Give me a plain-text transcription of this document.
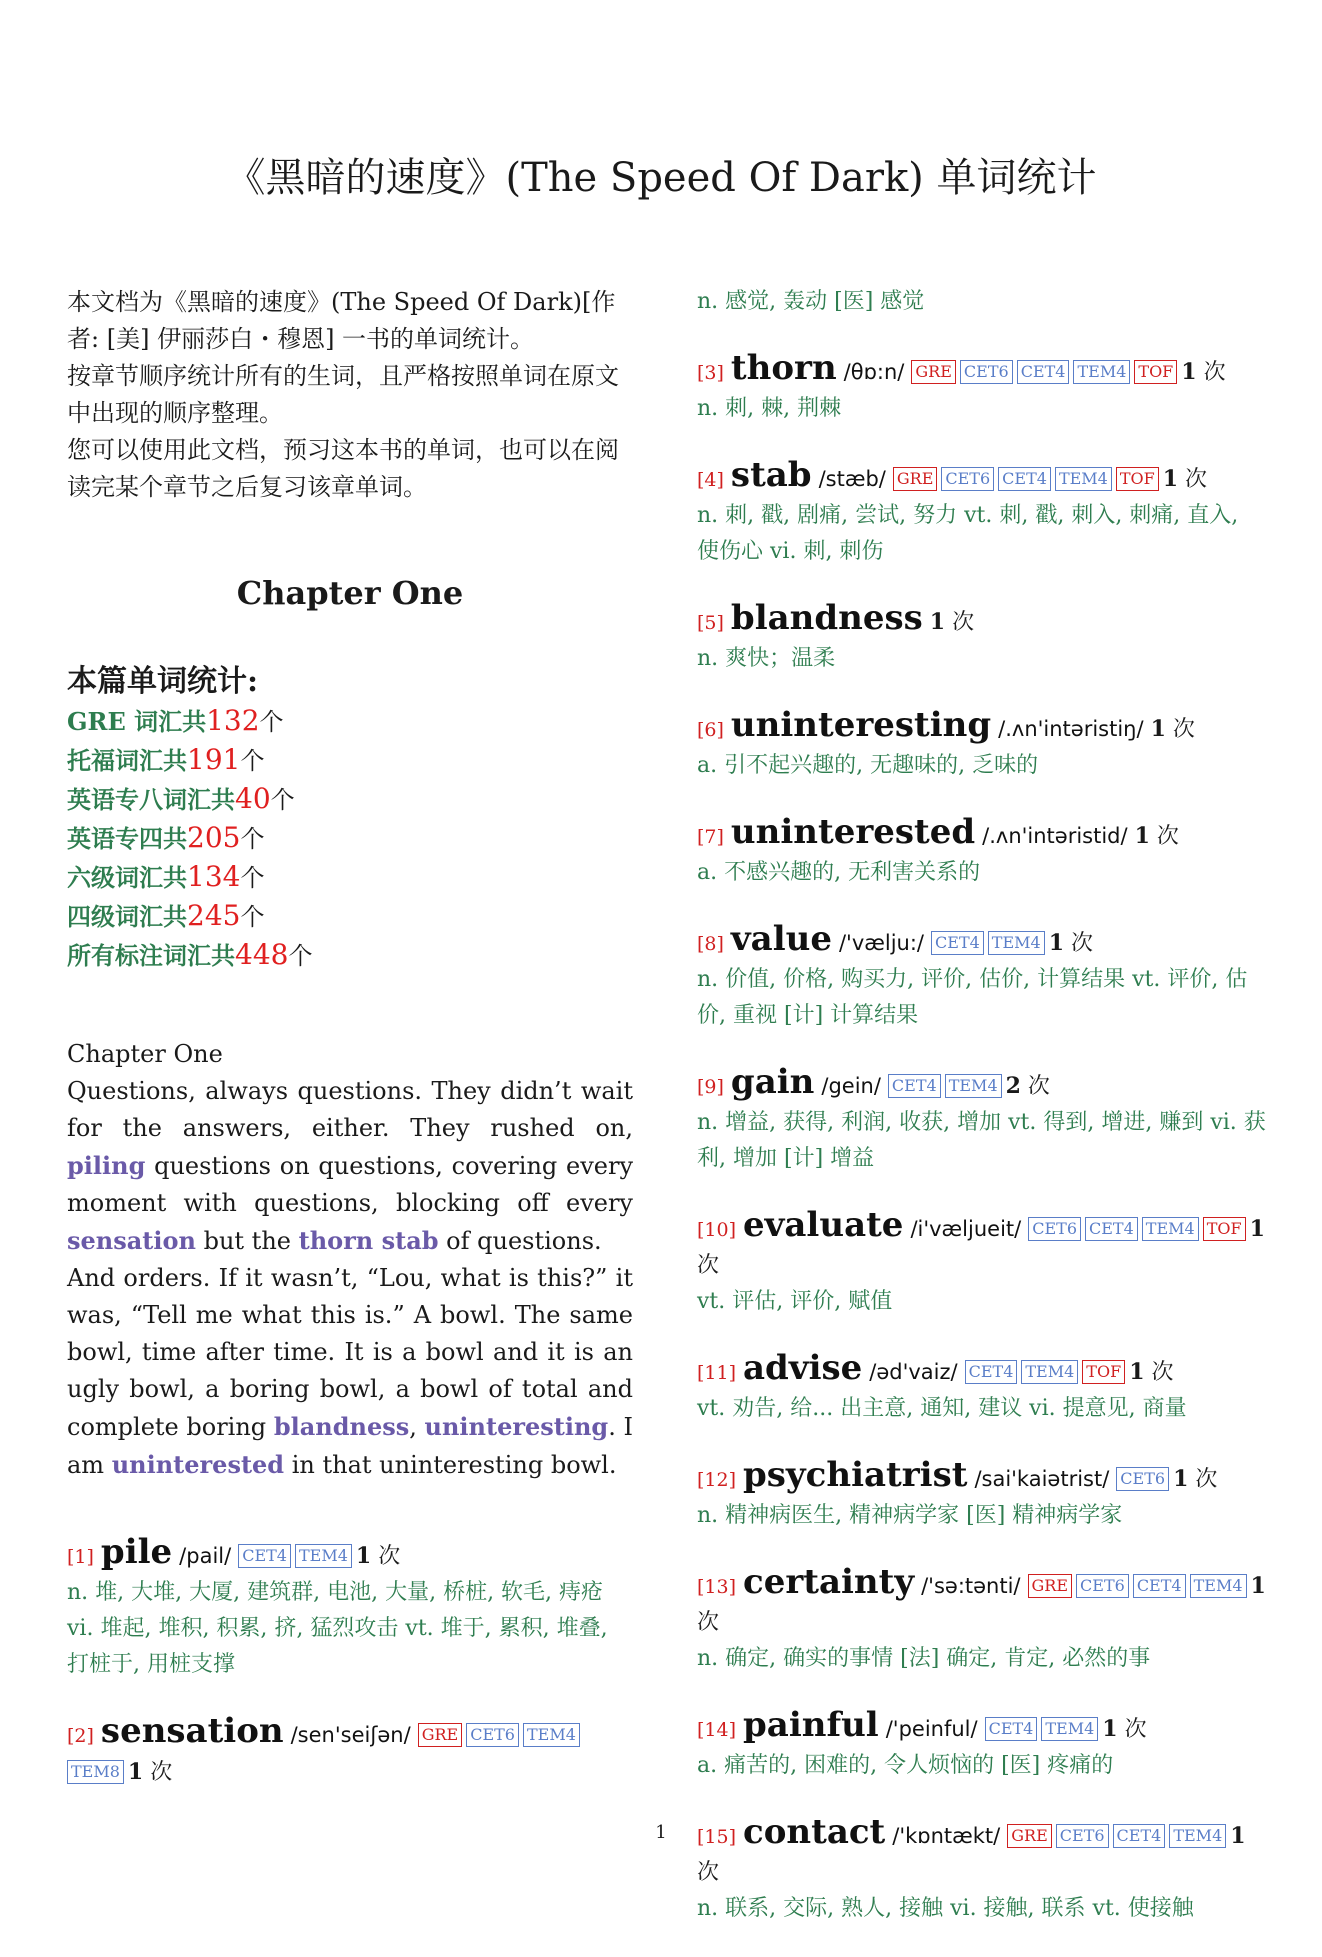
《黑暗的速度》(The Speed Of Dark) 单词统计
本文档为《黑暗的速度》(The Speed Of Dark)[作者: [美] 伊丽莎白・穆恩] 一书的单词统计。
按章节顺序统计所有的生词，且严格按照单词在原文中出现的顺序整理。
您可以使用此文档，预习这本书的单词，也可以在阅读完某个章节之后复习该章单词。
Chapter One
本篇单词统计:
GRE 词汇共132个
托福词汇共191个
英语专八词汇共40个
英语专四共205个
六级词汇共134个
四级词汇共245个
所有标注词汇共448个
Chapter One
Questions, always questions. They didn’t wait for the answers, either. They rushed on, piling questions on questions, covering every moment with questions, blocking off every sensation but the thorn stab of questions.
And orders. If it wasn’t, “Lou, what is this?” it was, “Tell me what this is.” A bowl. The same bowl, time after time. It is a bowl and it is an ugly bowl, a boring bowl, a bowl of total and complete boring blandness, uninteresting. I am uninterested in that uninteresting bowl.
[1] pile /pail/ CET4 TEM4 1 次
n. 堆, 大堆, 大厦, 建筑群, 电池, 大量, 桥桩, 软毛, 痔疮 vi. 堆起, 堆积, 积累, 挤, 猛烈攻击 vt. 堆于, 累积, 堆叠, 打桩于, 用桩支撑
[2] sensation /sen'seiʃən/ GRE CET6 TEM4TEM8 1 次
n. 感觉, 轰动 [医] 感觉
[3] thorn /θɒ:n/ GRE CET6 CET4 TEM4 TOF 1 次
n. 刺, 棘, 荆棘
[4] stab /stæb/ GRE CET6 CET4 TEM4 TOF 1 次
n. 刺, 戳, 剧痛, 尝试, 努力 vt. 刺, 戳, 刺入, 刺痛, 直入, 使伤心 vi. 刺, 刺伤
[5] blandness 1 次
n. 爽快；温柔
[6] uninteresting /.ʌn'intəristiŋ/ 1 次
a. 引不起兴趣的, 无趣味的, 乏味的
[7] uninterested /.ʌn'intəristid/ 1 次
a. 不感兴趣的, 无利害关系的
[8] value /'vælju:/ CET4 TEM4 1 次
n. 价值, 价格, 购买力, 评价, 估价, 计算结果 vt. 评价, 估价, 重视 [计] 计算结果
[9] gain /gein/ CET4 TEM4 2 次
n. 增益, 获得, 利润, 收获, 增加 vt. 得到, 增进, 赚到 vi. 获利, 增加 [计] 增益
[10] evaluate /i'væljueit/ CET6 CET4 TEM4 TOF 1 次
vt. 评估, 评价, 赋值
[11] advise /əd'vaiz/ CET4 TEM4 TOF 1 次
vt. 劝告, 给... 出主意, 通知, 建议 vi. 提意见, 商量
[12] psychiatrist /sai'kaiətrist/ CET6 1 次
n. 精神病医生, 精神病学家 [医] 精神病学家
[13] certainty /'sə:tənti/ GRE CET6 CET4 TEM4 1 次
n. 确定, 确实的事情 [法] 确定, 肯定, 必然的事
[14] painful /'peinful/ CET4 TEM4 1 次
a. 痛苦的, 困难的, 令人烦恼的 [医] 疼痛的
[15] contact /'kɒntækt/ GRE CET6 CET4 TEM4 1 次
n. 联系, 交际, 熟人, 接触 vi. 接触, 联系 vt. 使接触
1
